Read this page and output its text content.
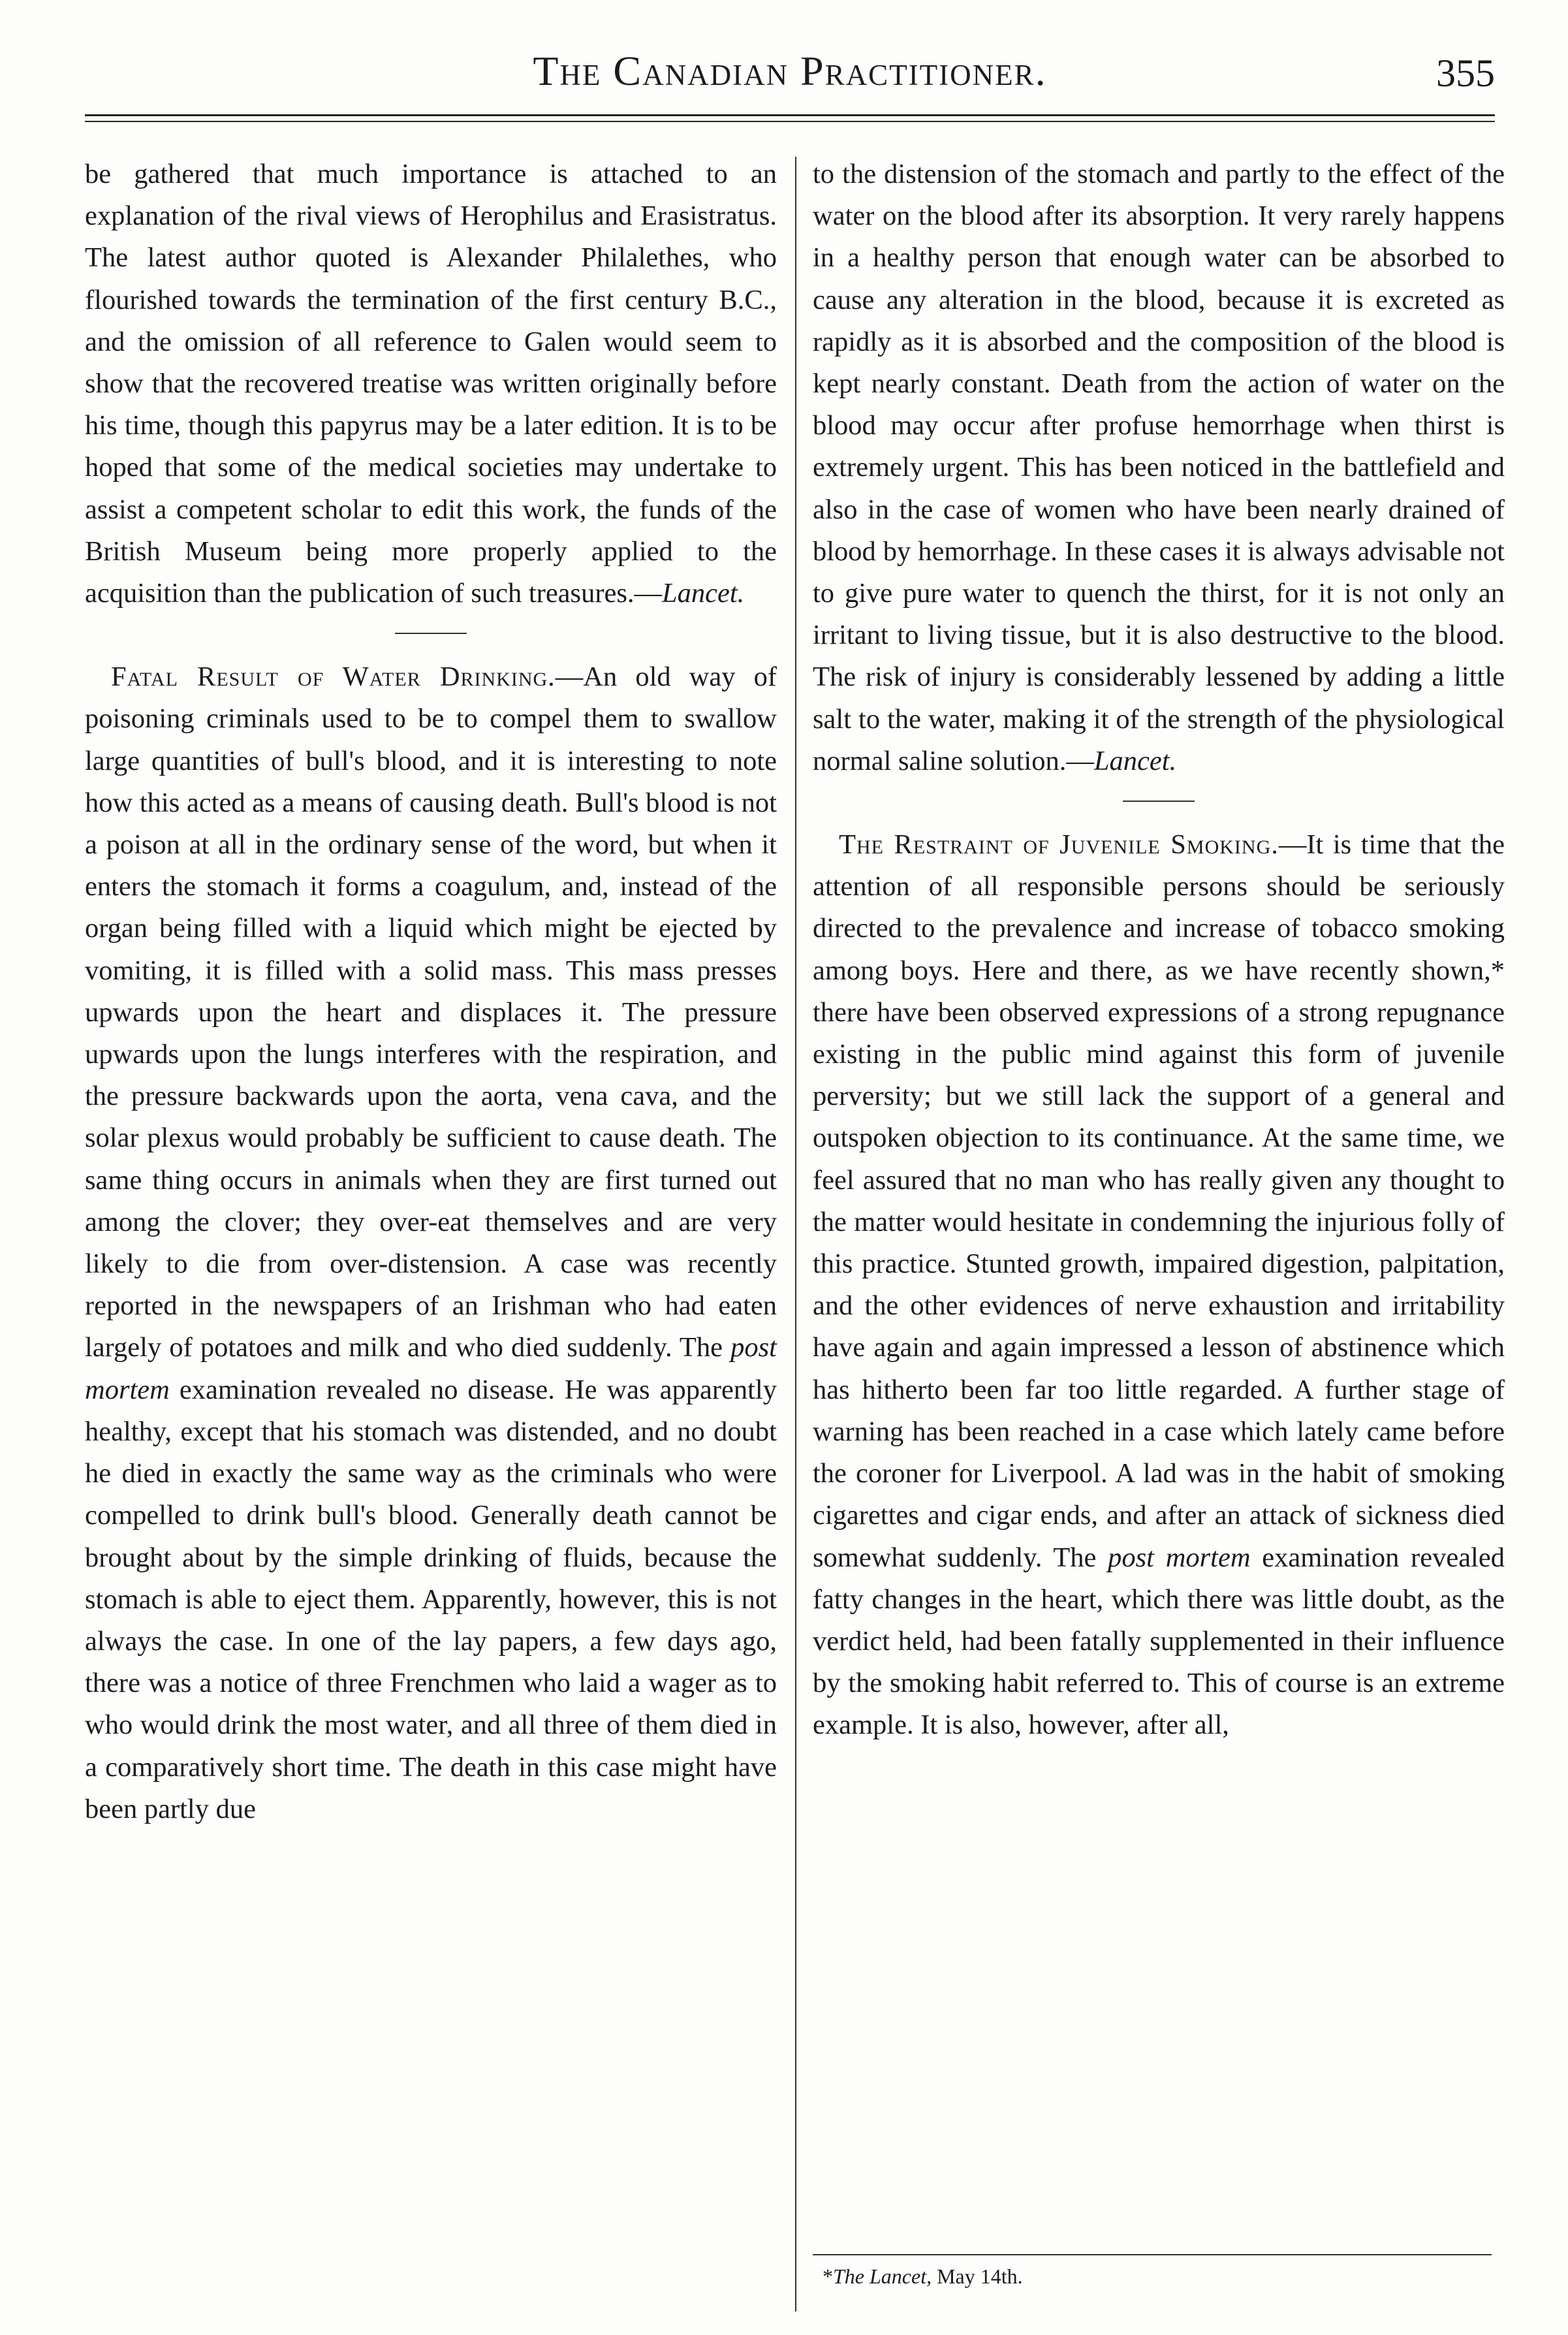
The Canadian Practitioner.	355

be gathered that much importance is attached to an explanation of the rival views of Herophilus and Erasistratus. The latest author quoted is Alexander Philalethes, who flourished towards the termination of the first century B.C., and the omission of all reference to Galen would seem to show that the recovered treatise was written originally before his time, though this papyrus may be a later edition. It is to be hoped that some of the medical societies may undertake to assist a competent scholar to edit this work, the funds of the British Museum being more properly applied to the acquisition than the publication of such treasures.—Lancet.

Fatal Result of Water Drinking.—An old way of poisoning criminals used to be to compel them to swallow large quantities of bull's blood, and it is interesting to note how this acted as a means of causing death. Bull's blood is not a poison at all in the ordinary sense of the word, but when it enters the stomach it forms a coagulum, and, instead of the organ being filled with a liquid which might be ejected by vomiting, it is filled with a solid mass. This mass presses upwards upon the heart and displaces it. The pressure upwards upon the lungs interferes with the respiration, and the pressure backwards upon the aorta, vena cava, and the solar plexus would probably be sufficient to cause death. The same thing occurs in animals when they are first turned out among the clover; they over-eat themselves and are very likely to die from over-distension. A case was recently reported in the newspapers of an Irishman who had eaten largely of potatoes and milk and who died suddenly. The post mortem examination revealed no disease. He was apparently healthy, except that his stomach was distended, and no doubt he died in exactly the same way as the criminals who were compelled to drink bull's blood. Generally death cannot be brought about by the simple drinking of fluids, because the stomach is able to eject them. Apparently, however, this is not always the case. In one of the lay papers, a few days ago, there was a notice of three Frenchmen who laid a wager as to who would drink the most water, and all three of them died in a comparatively short time. The death in this case might have been partly due

to the distension of the stomach and partly to the effect of the water on the blood after its absorption. It very rarely happens in a healthy person that enough water can be absorbed to cause any alteration in the blood, because it is excreted as rapidly as it is absorbed and the composition of the blood is kept nearly constant. Death from the action of water on the blood may occur after profuse hemorrhage when thirst is extremely urgent. This has been noticed in the battlefield and also in the case of women who have been nearly drained of blood by hemorrhage. In these cases it is always advisable not to give pure water to quench the thirst, for it is not only an irritant to living tissue, but it is also destructive to the blood. The risk of injury is considerably lessened by adding a little salt to the water, making it of the strength of the physiological normal saline solution.—Lancet.

The Restraint of Juvenile Smoking.—It is time that the attention of all responsible persons should be seriously directed to the prevalence and increase of tobacco smoking among boys. Here and there, as we have recently shown,* there have been observed expressions of a strong repugnance existing in the public mind against this form of juvenile perversity; but we still lack the support of a general and outspoken objection to its continuance. At the same time, we feel assured that no man who has really given any thought to the matter would hesitate in condemning the injurious folly of this practice. Stunted growth, impaired digestion, palpitation, and the other evidences of nerve exhaustion and irritability have again and again impressed a lesson of abstinence which has hitherto been far too little regarded. A further stage of warning has been reached in a case which lately came before the coroner for Liverpool. A lad was in the habit of smoking cigarettes and cigar ends, and after an attack of sickness died somewhat suddenly. The post mortem examination revealed fatty changes in the heart, which there was little doubt, as the verdict held, had been fatally supplemented in their influence by the smoking habit referred to. This of course is an extreme example. It is also, however, after all,

*The Lancet, May 14th.
